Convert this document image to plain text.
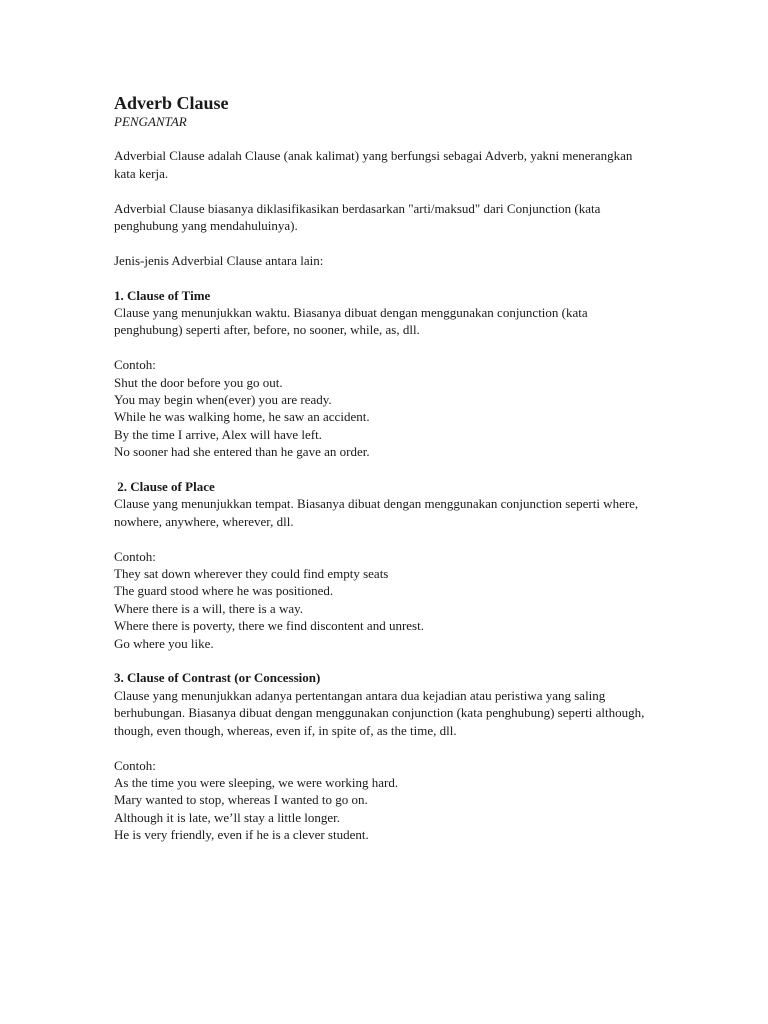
Adverb Clause

PENGANTAR

Adverbial Clause adalah Clause (anak kalimat) yang berfungsi sebagai Adverb, yakni menerangkan kata kerja.

Adverbial Clause biasanya diklasifikasikan berdasarkan "arti/maksud" dari Conjunction (kata penghubung yang mendahuluinya).

Jenis-jenis Adverbial Clause antara lain:

1. Clause of Time

Clause yang menunjukkan waktu. Biasanya dibuat dengan menggunakan conjunction (kata penghubung) seperti after, before, no sooner, while, as, dll.

Contoh:

Shut the door before you go out.
You may begin when(ever) you are ready.
While he was walking home, he saw an accident.
By the time I arrive, Alex will have left.
No sooner had she entered than he gave an order.

2. Clause of Place

Clause yang menunjukkan tempat. Biasanya dibuat dengan menggunakan conjunction seperti where, nowhere, anywhere, wherever, dll.

Contoh:

They sat down wherever they could find empty seats
The guard stood where he was positioned.
Where there is a will, there is a way.
Where there is poverty, there we find discontent and unrest.
Go where you like.

3. Clause of Contrast (or Concession)

Clause yang menunjukkan adanya pertentangan antara dua kejadian atau peristiwa yang saling berhubungan. Biasanya dibuat dengan menggunakan conjunction (kata penghubung) seperti although, though, even though, whereas, even if, in spite of, as the time, dll.

Contoh:

As the time you were sleeping, we were working hard.
Mary wanted to stop, whereas I wanted to go on.
Although it is late, we’ll stay a little longer.
He is very friendly, even if he is a clever student.
